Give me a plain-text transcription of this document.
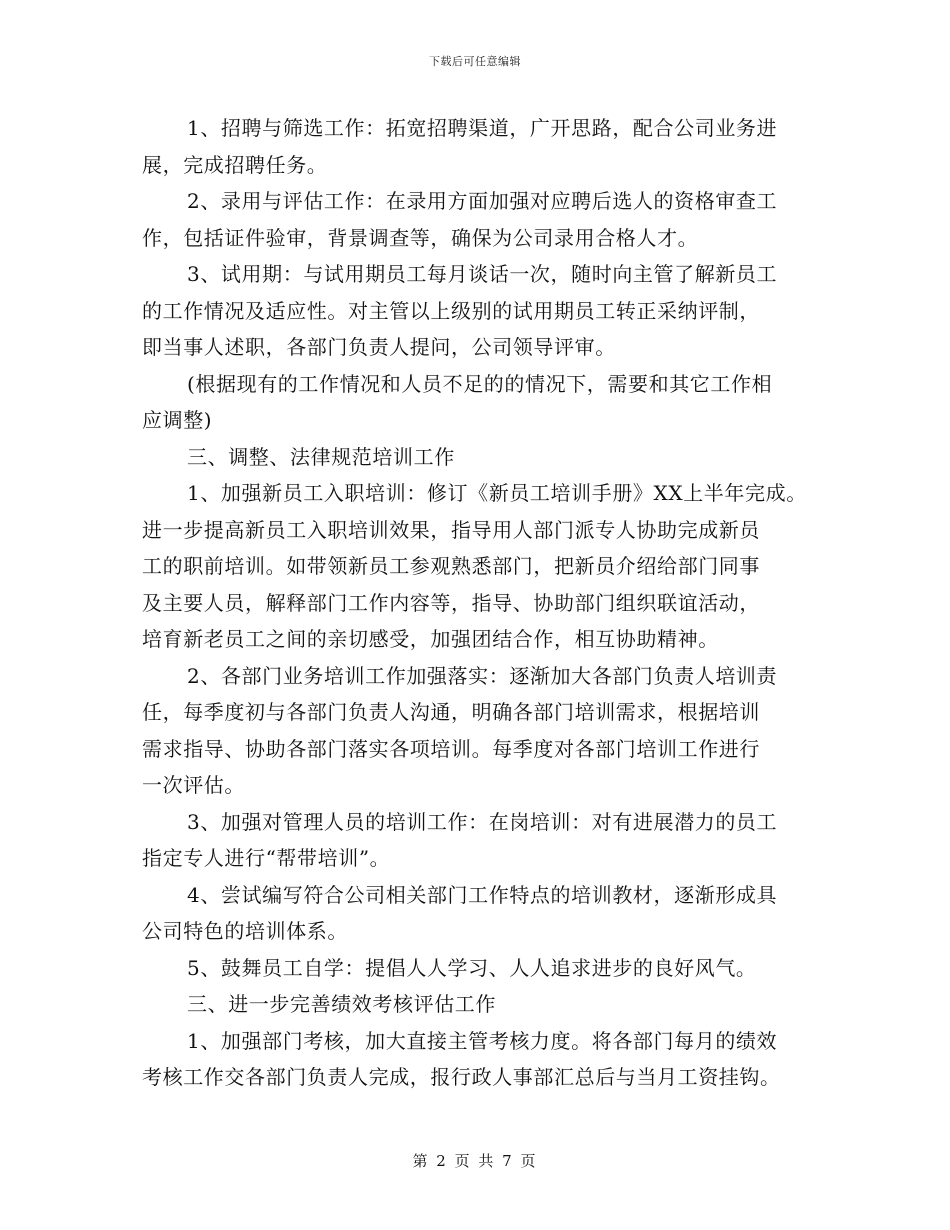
下载后可任意编辑
1、招聘与筛选工作：拓宽招聘渠道，广开思路，配合公司业务进
展，完成招聘任务。
2、录用与评估工作：在录用方面加强对应聘后选人的资格审查工
作，包括证件验审，背景调查等，确保为公司录用合格人才。
3、试用期：与试用期员工每月谈话一次，随时向主管了解新员工
的工作情况及适应性。对主管以上级别的试用期员工转正采纳评制，
即当事人述职，各部门负责人提问，公司领导评审。
(根据现有的工作情况和人员不足的的情况下，需要和其它工作相
应调整)
三、调整、法律规范培训工作
1、加强新员工入职培训：修订《新员工培训手册》XX上半年完成。
进一步提高新员工入职培训效果，指导用人部门派专人协助完成新员
工的职前培训。如带领新员工参观熟悉部门，把新员介绍给部门同事
及主要人员，解释部门工作内容等，指导、协助部门组织联谊活动，
培育新老员工之间的亲切感受，加强团结合作，相互协助精神。
2、各部门业务培训工作加强落实：逐渐加大各部门负责人培训责
任，每季度初与各部门负责人沟通，明确各部门培训需求，根据培训
需求指导、协助各部门落实各项培训。每季度对各部门培训工作进行
一次评估。
3、加强对管理人员的培训工作：在岗培训：对有进展潜力的员工
指定专人进行“帮带培训”。
4、尝试编写符合公司相关部门工作特点的培训教材，逐渐形成具
公司特色的培训体系。
5、鼓舞员工自学：提倡人人学习、人人追求进步的良好风气。
三、进一步完善绩效考核评估工作
1、加强部门考核，加大直接主管考核力度。将各部门每月的绩效
考核工作交各部门负责人完成，报行政人事部汇总后与当月工资挂钩。
第 2 页 共 7 页
